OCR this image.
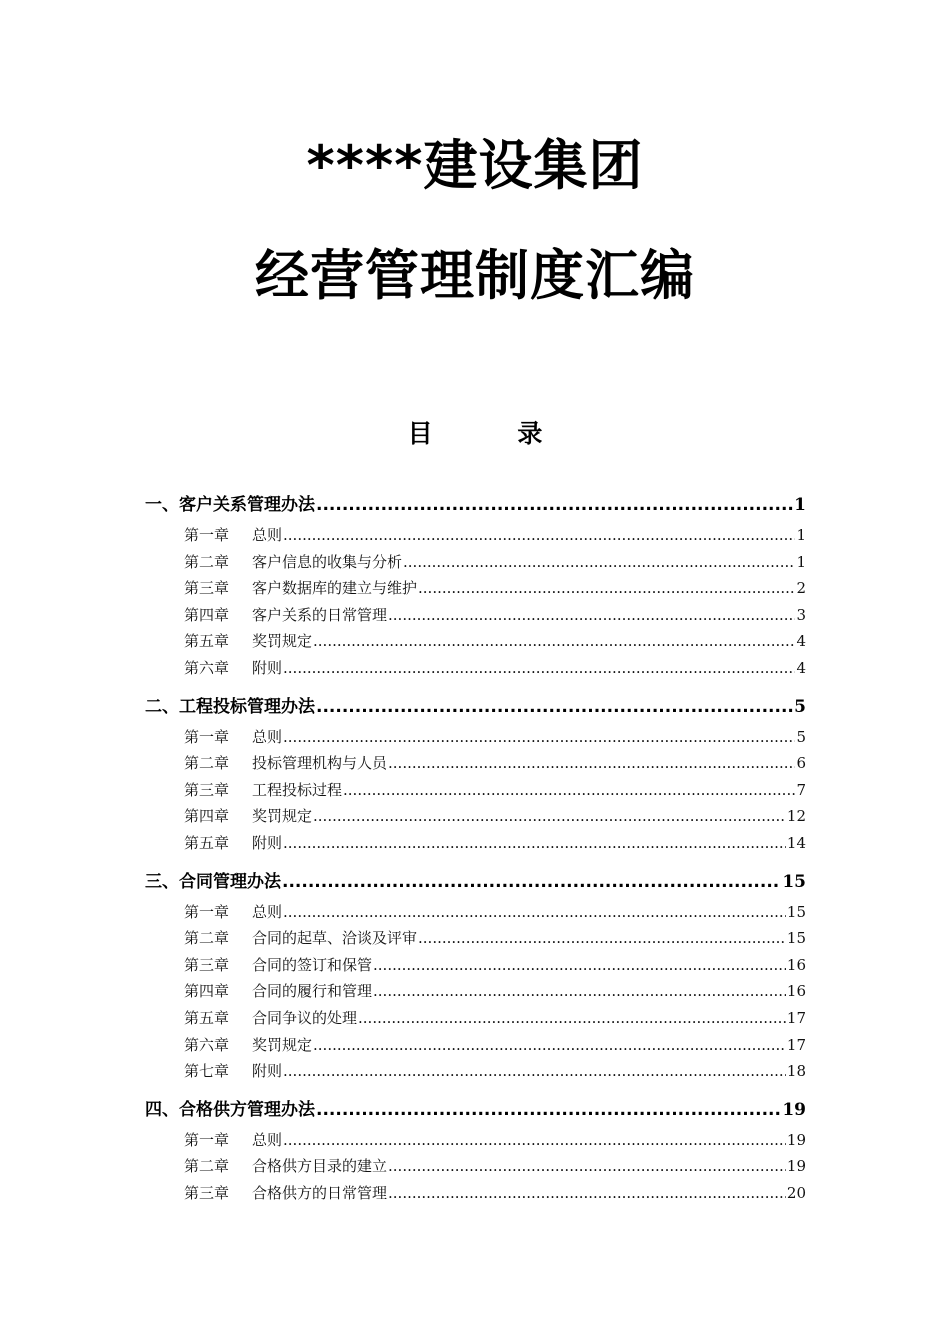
****建设集团
经营管理制度汇编
目 录
一、客户关系管理办法 .....	1
第一章	总则 .....	1
第二章	客户信息的收集与分析 .....	1
第三章	客户数据库的建立与维护 .....	2
第四章	客户关系的日常管理 .....	3
第五章	奖罚规定 .....	4
第六章	附则 .....	4
二、工程投标管理办法 .....	5
第一章	总则 .....	5
第二章	投标管理机构与人员 .....	6
第三章	工程投标过程 .....	7
第四章	奖罚规定 .....	12
第五章	附则 .....	14
三、合同管理办法 .....	15
第一章	总则 .....	15
第二章	合同的起草、洽谈及评审 .....	15
第三章	合同的签订和保管 .....	16
第四章	合同的履行和管理 .....	16
第五章	合同争议的处理 .....	17
第六章	奖罚规定 .....	17
第七章	附则 .....	18
四、合格供方管理办法 .....	19
第一章	总则 .....	19
第二章	合格供方目录的建立 .....	19
第三章	合格供方的日常管理 .....	20
